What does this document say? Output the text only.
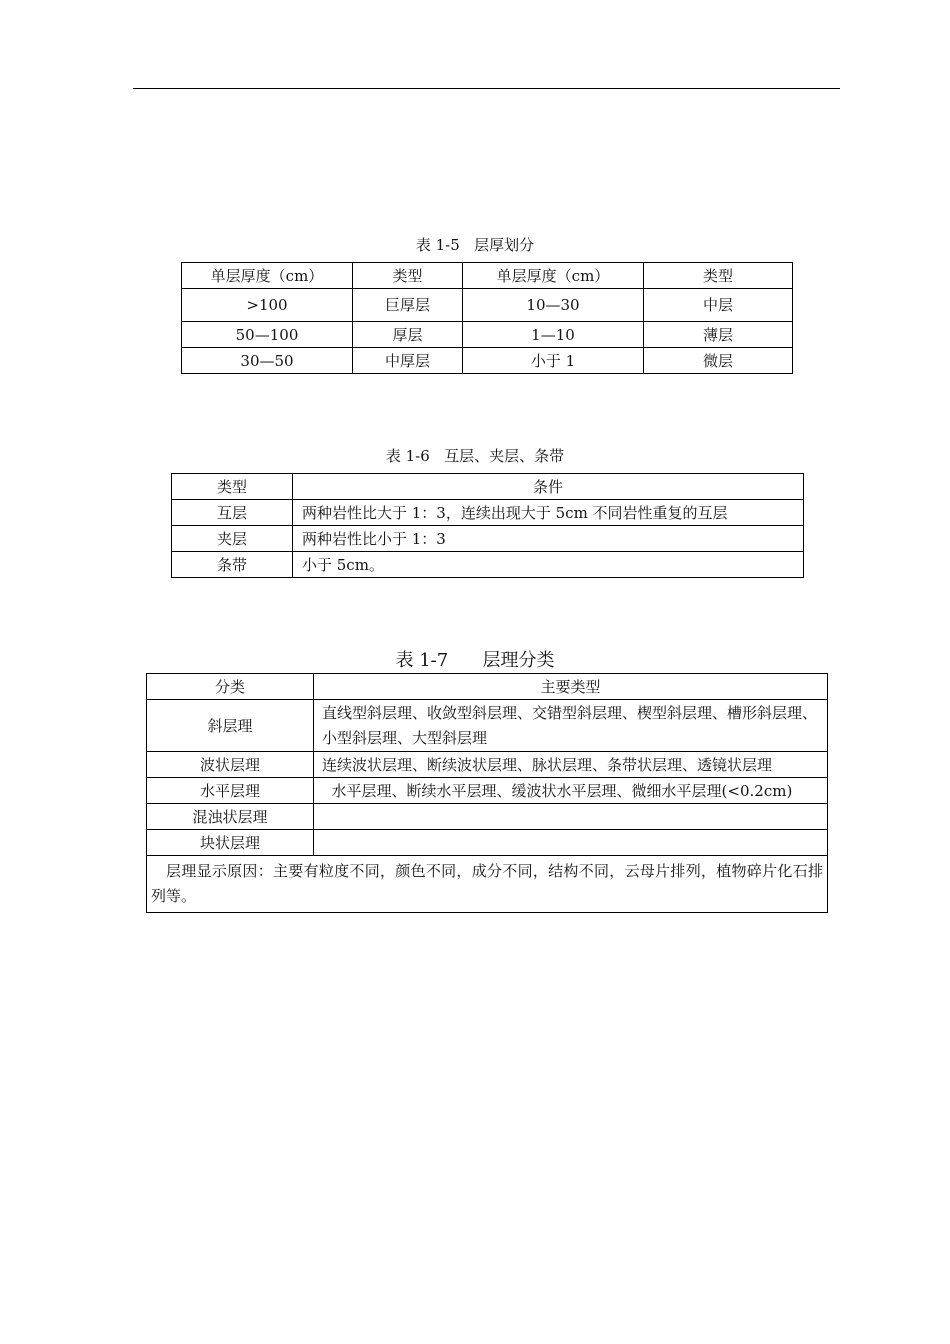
表 1-5   层厚划分
单层厚度（cm）	类型	单层厚度（cm）	类型
>100	巨厚层	10—30	中层
50—100	厚层	1—10	薄层
30—50	中厚层	小于 1	微层
表 1-6   互层、夹层、条带
类型	条件
互层	两种岩性比大于 1：3，连续出现大于 5cm 不同岩性重复的互层
夹层	两种岩性比小于 1：3
条带	小于 5cm。
表 1-7      层理分类
分类	主要类型
斜层理	直线型斜层理、收敛型斜层理、交错型斜层理、楔型斜层理、槽形斜层理、小型斜层理、大型斜层理
波状层理	连续波状层理、断续波状层理、脉状层理、条带状层理、透镜状层理
水平层理	水平层理、断续水平层理、缓波状水平层理、微细水平层理(<0.2cm)
混浊状层理	
块状层理	
层理显示原因：主要有粒度不同，颜色不同，成分不同，结构不同，云母片排列，植物碎片化石排列等。	
